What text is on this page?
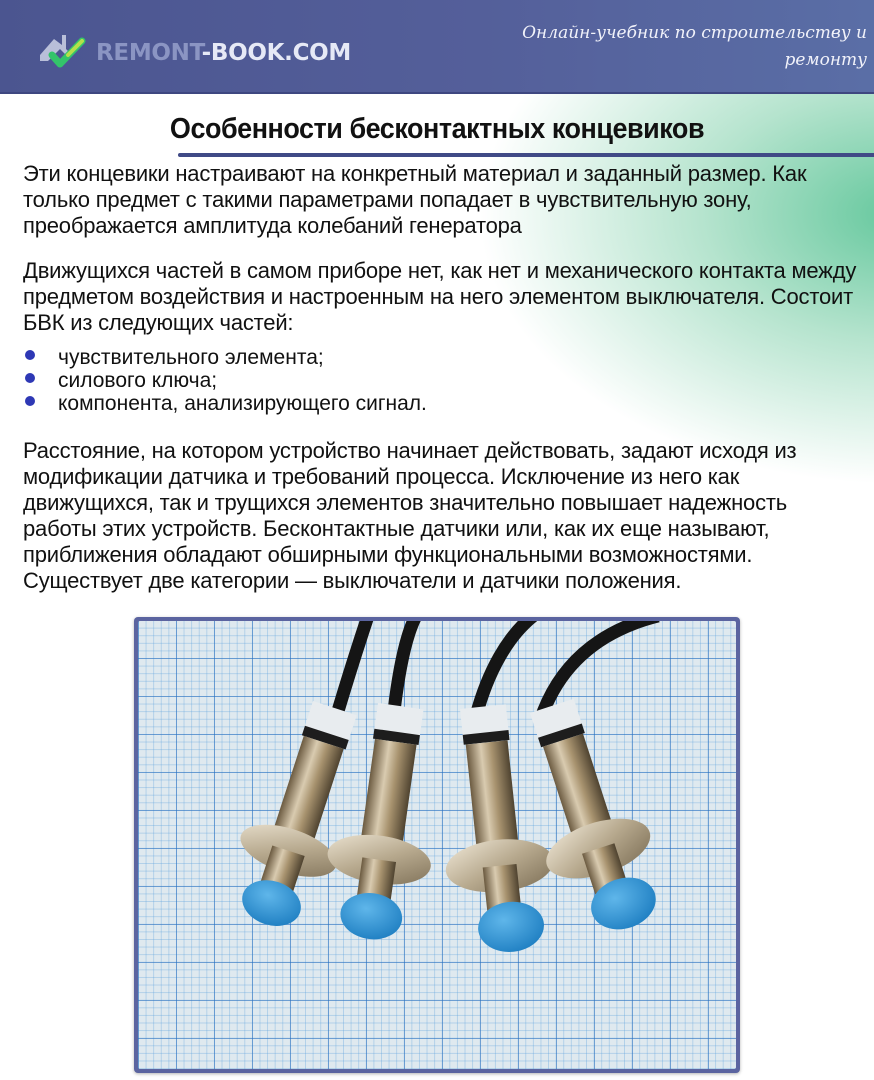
REMONT-BOOK.COM
Онлайн-учебник по строительству и ремонту
Особенности бесконтактных концевиков

Эти концевики настраивают на конкретный материал и заданный размер. Как только предмет с такими параметрами попадает в чувствительную зону, преображается амплитуда колебаний генератора

Движущихся частей в самом приборе нет, как нет и механического контакта между предметом воздействия и настроенным на него элементом выключателя. Состоит БВК из следующих частей:

чувствительного элемента;
силового ключа;
компонента, анализирующего сигнал.

Расстояние, на котором устройство начинает действовать, задают исходя из модификации датчика и требований процесса. Исключение из него как движущихся, так и трущихся элементов значительно повышает надежность работы этих устройств. Бесконтактные датчики или, как их еще называют, приближения обладают обширными функциональными возможностями. Существует две категории — выключатели и датчики положения.
